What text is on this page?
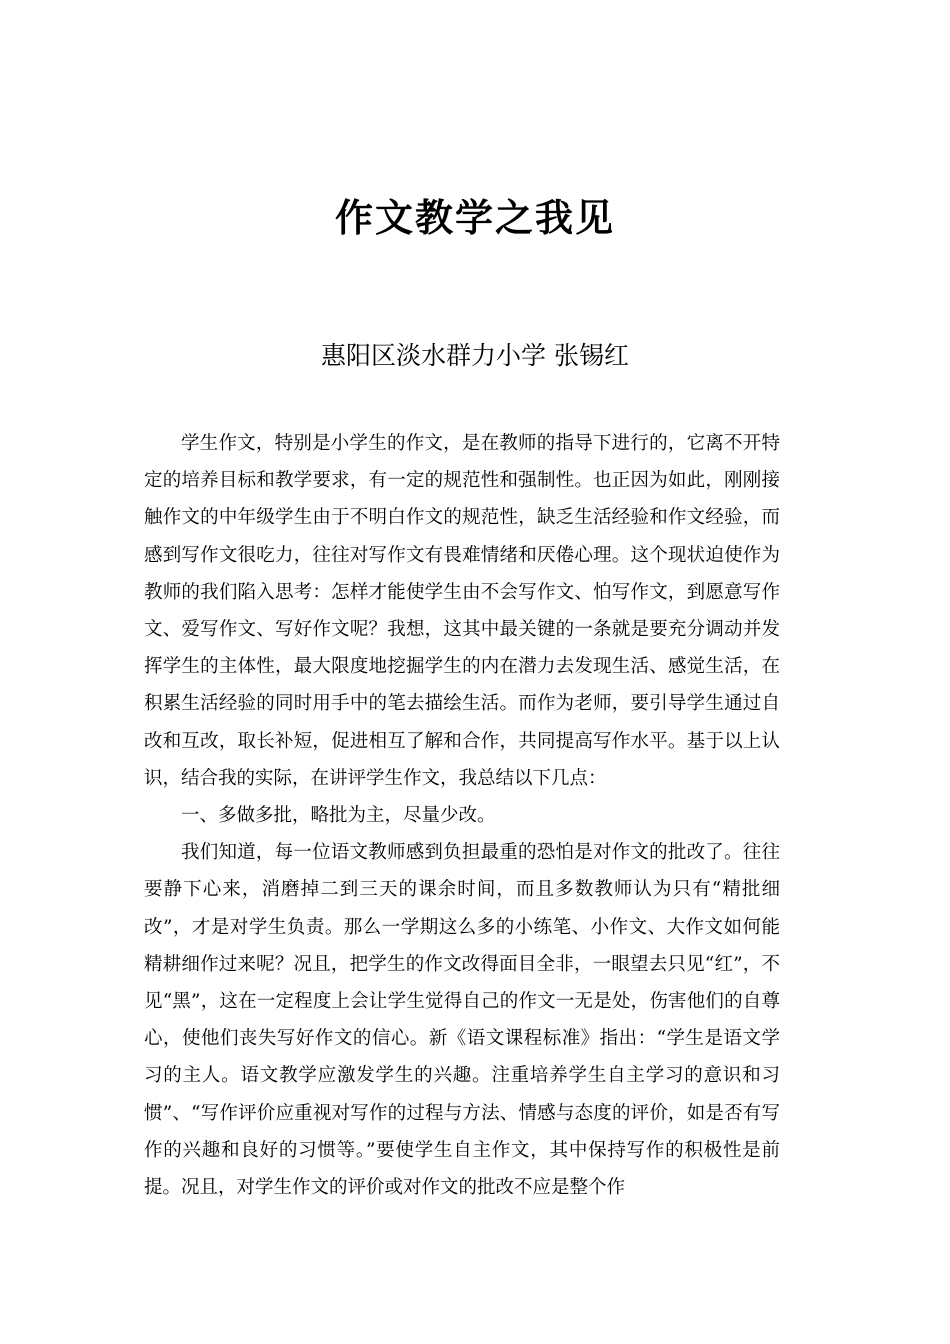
作文教学之我见
惠阳区淡水群力小学 张锡红

学生作文，特别是小学生的作文，是在教师的指导下进行的，它离不开特定的培养目标和教学要求，有一定的规范性和强制性。也正因为如此，刚刚接触作文的中年级学生由于不明白作文的规范性，缺乏生活经验和作文经验，而感到写作文很吃力，往往对写作文有畏难情绪和厌倦心理。这个现状迫使作为教师的我们陷入思考：怎样才能使学生由不会写作文、怕写作文，到愿意写作文、爱写作文、写好作文呢？我想，这其中最关键的一条就是要充分调动并发挥学生的主体性，最大限度地挖掘学生的内在潜力去发现生活、感觉生活，在积累生活经验的同时用手中的笔去描绘生活。而作为老师，要引导学生通过自改和互改，取长补短，促进相互了解和合作，共同提高写作水平。基于以上认识，结合我的实际，在讲评学生作文，我总结以下几点：

一、多做多批，略批为主，尽量少改。

我们知道，每一位语文教师感到负担最重的恐怕是对作文的批改了。往往要静下心来，消磨掉二到三天的课余时间，而且多数教师认为只有“精批细改”，才是对学生负责。那么一学期这么多的小练笔、小作文、大作文如何能精耕细作过来呢？况且，把学生的作文改得面目全非，一眼望去只见“红”，不见“黑”，这在一定程度上会让学生觉得自己的作文一无是处，伤害他们的自尊心，使他们丧失写好作文的信心。新《语文课程标准》指出：“学生是语文学习的主人。语文教学应激发学生的兴趣。注重培养学生自主学习的意识和习惯”、“写作评价应重视对写作的过程与方法、情感与态度的评价，如是否有写作的兴趣和良好的习惯等。”要使学生自主作文，其中保持写作的积极性是前提。况且，对学生作文的评价或对作文的批改不应是整个作
